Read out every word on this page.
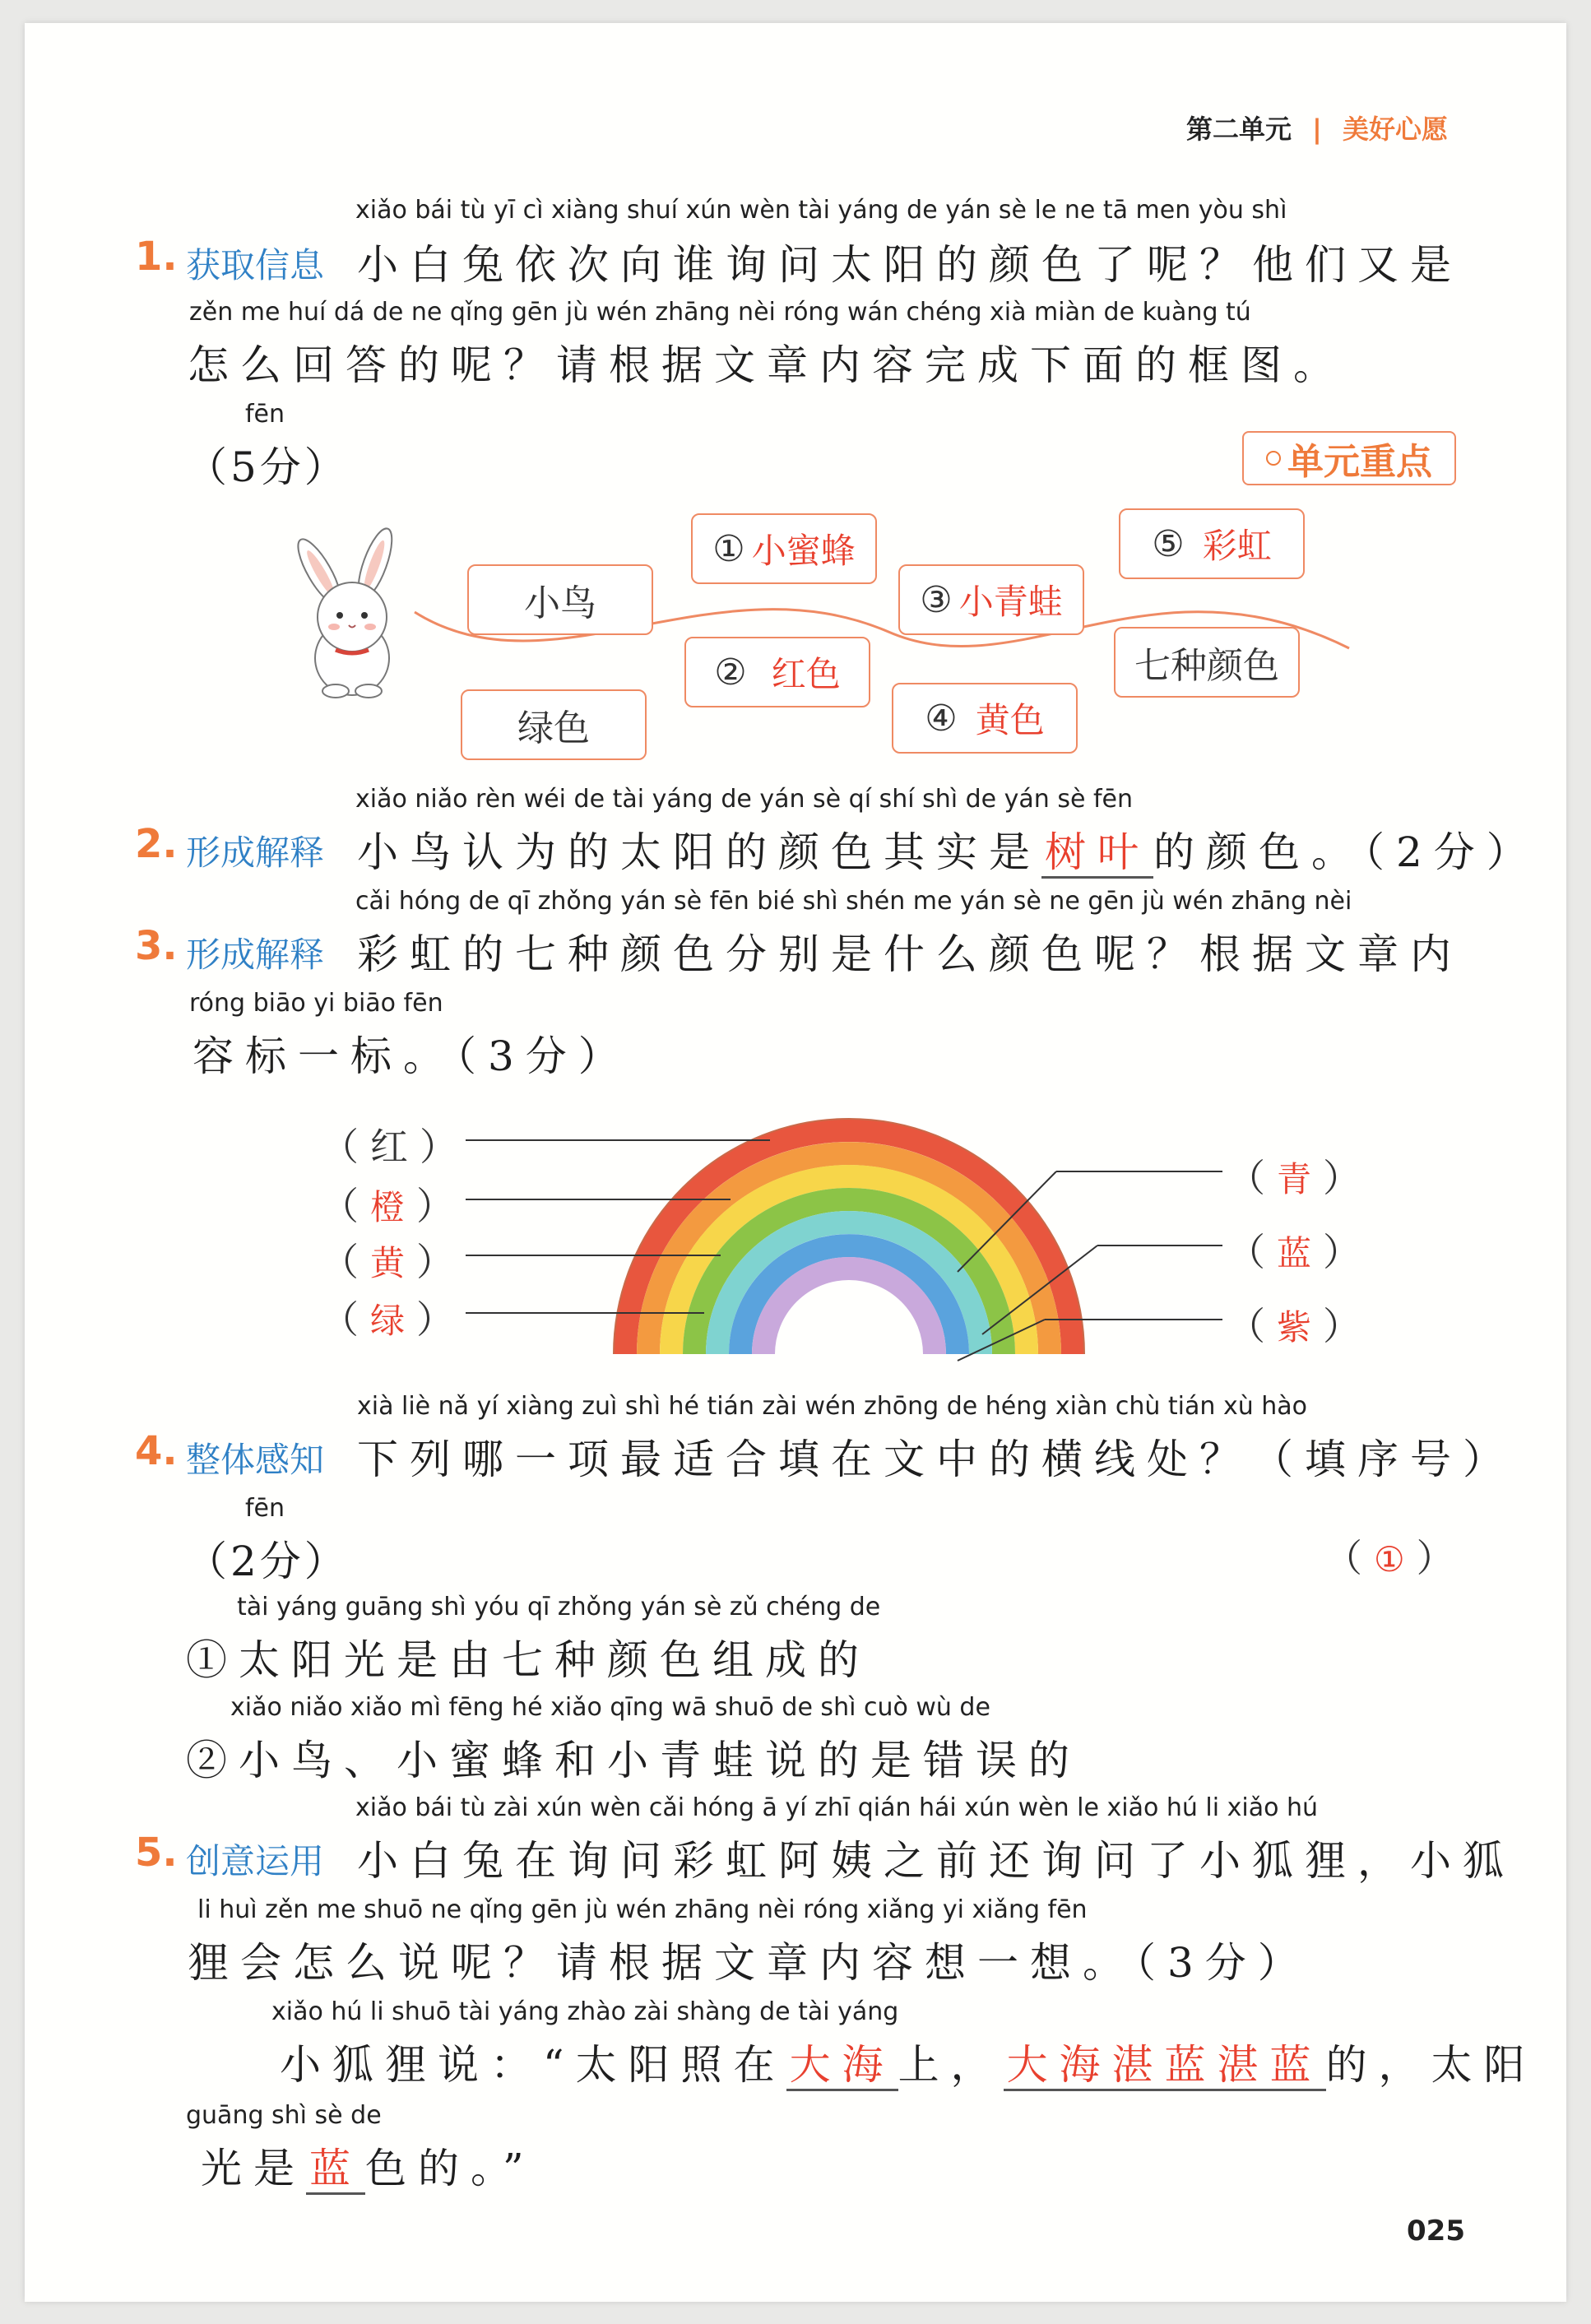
第二单元 | 美好心愿
xiǎo bái tù yī cì xiàng shuí xún wèn tài yáng de yán sè le ne tā men yòu shì
1. 获取信息 小白兔依次向谁询问太阳的颜色了呢？他们又是
zěn me huí dá de ne qǐng gēn jù wén zhāng nèi róng wán chéng xià miàn de kuàng tú
怎么回答的呢？请根据文章内容完成下面的框图。
fēn
（5分）	单元重点
小鸟
绿色
① 小蜜蜂
② 红色
③ 小青蛙
④ 黄色
⑤ 彩虹
七种颜色
xiǎo niǎo rèn wéi de tài yáng de yán sè qí shí shì de yán sè fēn
2. 形成解释 小鸟认为的太阳的颜色其实是树叶的颜色。（2分）
cǎi hóng de qī zhǒng yán sè fēn bié shì shén me yán sè ne gēn jù wén zhāng nèi
3. 形成解释 彩虹的七种颜色分别是什么颜色呢？根据文章内
róng biāo yi biāo fēn
容标一标。（3分）
（ 红 ）
（ 橙 ）
（ 黄 ）
（ 绿 ）
（ 青 ）
（ 蓝 ）
（ 紫 ）
xià liè nǎ yí xiàng zuì shì hé tián zài wén zhōng de héng xiàn chù tián xù hào
4. 整体感知 下列哪一项最适合填在文中的横线处？（填序号）
fēn
（2分）	（ ① ）
tài yáng guāng shì yóu qī zhǒng yán sè zǔ chéng de
①太阳光是由七种颜色组成的
xiǎo niǎo xiǎo mì fēng hé xiǎo qīng wā shuō de shì cuò wù de
②小鸟、小蜜蜂和小青蛙说的是错误的
xiǎo bái tù zài xún wèn cǎi hóng ā yí zhī qián hái xún wèn le xiǎo hú li xiǎo hú
5. 创意运用 小白兔在询问彩虹阿姨之前还询问了小狐狸，小狐
li huì zěn me shuō ne qǐng gēn jù wén zhāng nèi róng xiǎng yi xiǎng fēn
狸会怎么说呢？请根据文章内容想一想。（3分）
xiǎo hú li shuō tài yáng zhào zài shàng de tài yáng
小狐狸说：“太阳照在大海上，大海湛蓝湛蓝的，太阳
guāng shì sè de
光是蓝色的。”
025
